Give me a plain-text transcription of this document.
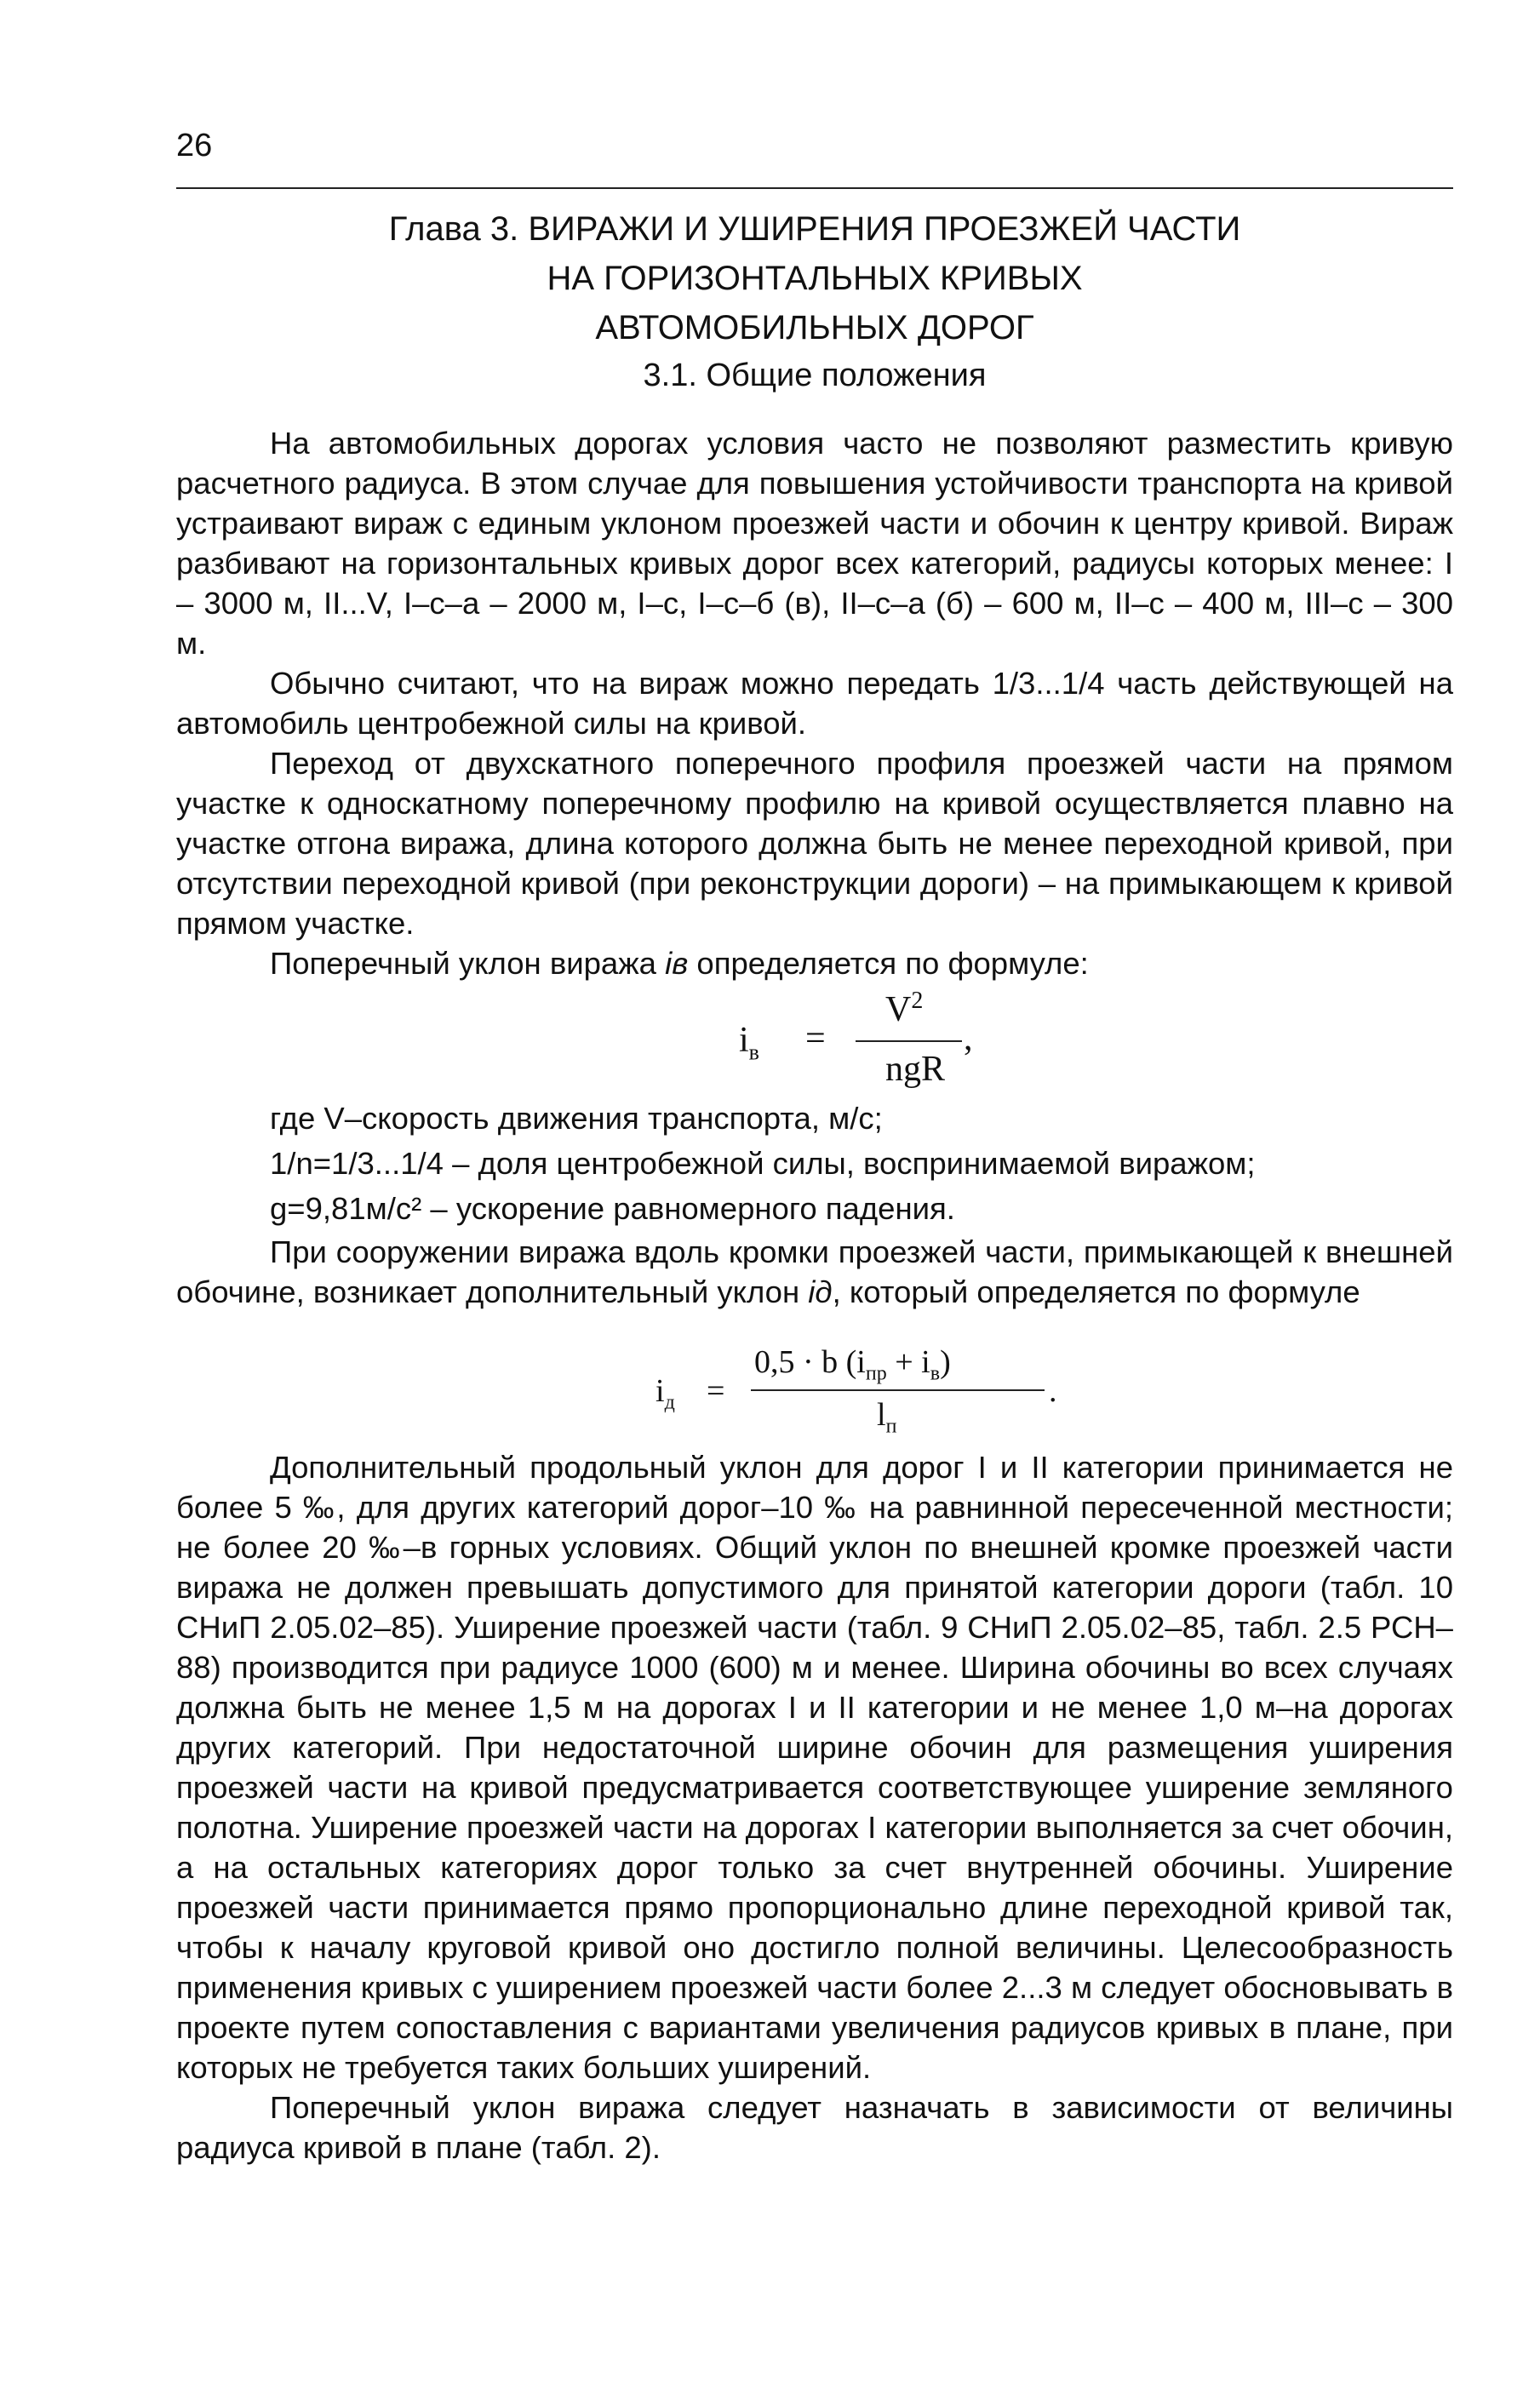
26
Глава 3. ВИРАЖИ И УШИРЕНИЯ ПРОЕЗЖЕЙ ЧАСТИ
НА ГОРИЗОНТАЛЬНЫХ КРИВЫХ
АВТОМОБИЛЬНЫХ ДОРОГ
3.1. Общие положения

На автомобильных дорогах условия часто не позволяют разместить кривую расчетного радиуса. В этом случае для повышения устойчивости транспорта на кривой устраивают вираж с единым уклоном проезжей части и обочин к центру кривой. Вираж разбивают на горизонтальных кривых дорог всех категорий, радиусы которых менее: I – 3000 м, II...V, I–с–а – 2000 м, I–с, I–с–б (в), II–с–а (б) – 600 м, II–с – 400 м, III–с – 300 м.

Обычно считают, что на вираж можно передать 1/3...1/4 часть действующей на автомобиль центробежной силы на кривой.

Переход от двухскатного поперечного профиля проезжей части на прямом участке к односкатному поперечному профилю на кривой осуществляется плавно на участке отгона виража, длина которого должна быть не менее переходной кривой, при отсутствии переходной кривой (при реконструкции дороги) – на примыкающем к кривой прямом участке.

Поперечный уклон виража iв определяется по формуле:

$i_в$ =
$V^2$
ngR
,

где V–скорость движения транспорта, м/с;

1/n=1/3...1/4 – доля центробежной силы, воспринимаемой виражом;

g=9,81м/с² – ускорение равномерного падения.

При сооружении виража вдоль кромки проезжей части, примыкающей к внешней обочине, возникает дополнительный уклон iд, который определяется по формуле

$i_д$ =
0,5 · b $(i_{пр} + i_в)$
$l_п$
.

Дополнительный продольный уклон для дорог I и II категории принимается не более 5 ‰, для других категорий дорог–10 ‰ на равнинной пересеченной местности; не более 20 ‰–в горных условиях. Общий уклон по внешней кромке проезжей части виража не должен превышать допустимого для принятой категории дороги (табл. 10 СНиП 2.05.02–85). Уширение проезжей части (табл. 9 СНиП 2.05.02–85, табл. 2.5 РСН–88) производится при радиусе 1000 (600) м и менее. Ширина обочины во всех случаях должна быть не менее 1,5 м на дорогах I и II категории и не менее 1,0 м–на дорогах других категорий. При недостаточной ширине обочин для размещения уширения проезжей части на кривой предусматривается соответствующее уширение земляного полотна. Уширение проезжей части на дорогах I категории выполняется за счет обочин, а на остальных категориях дорог только за счет внутренней обочины. Уширение проезжей части принимается прямо пропорционально длине переходной кривой так, чтобы к началу круговой кривой оно достигло полной величины. Целесообразность применения кривых с уширением проезжей части более 2...3 м следует обосновывать в проекте путем сопоставления с вариантами увеличения радиусов кривых в плане, при которых не требуется таких больших уширений.

Поперечный уклон виража следует назначать в зависимости от величины радиуса кривой в плане (табл. 2).
